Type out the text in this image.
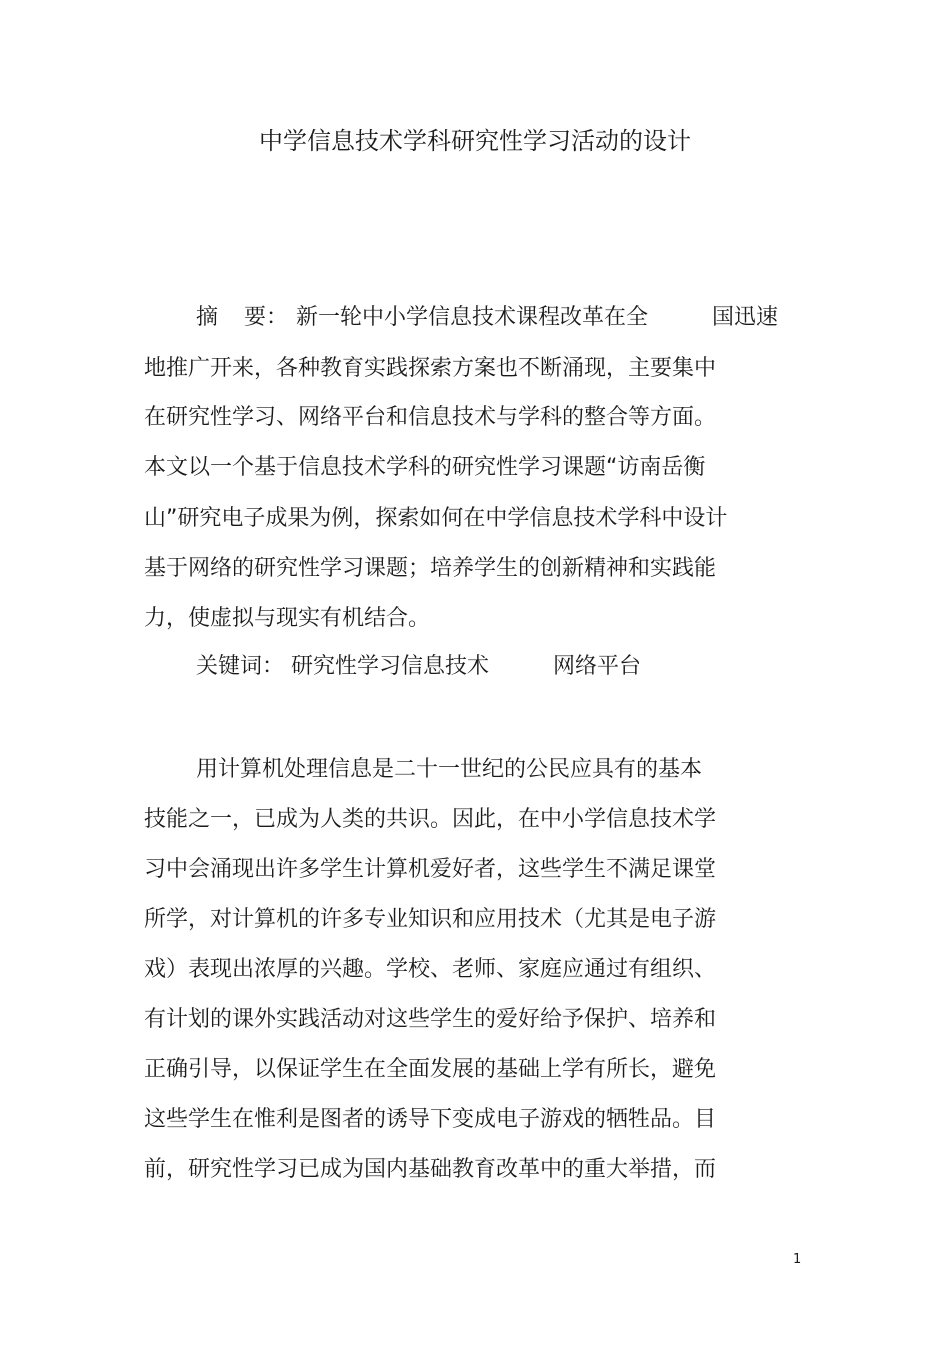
中学信息技术学科研究性学习活动的设计
摘 要： 新一轮中小学信息技术课程改革在全	国迅速
地推广开来，各种教育实践探索方案也不断涌现，主要集中
在研究性学习、网络平台和信息技术与学科的整合等方面。
本文以一个基于信息技术学科的研究性学习课题“访南岳衡
山”研究电子成果为例，探索如何在中学信息技术学科中设计
基于网络的研究性学习课题；培养学生的创新精神和实践能
力，使虚拟与现实有机结合。
关键词： 研究性学习信息技术	网络平台
用计算机处理信息是二十一世纪的公民应具有的基本
技能之一，已成为人类的共识。因此，在中小学信息技术学
习中会涌现出许多学生计算机爱好者，这些学生不满足课堂
所学，对计算机的许多专业知识和应用技术（尤其是电子游
戏）表现出浓厚的兴趣。学校、老师、家庭应通过有组织、
有计划的课外实践活动对这些学生的爱好给予保护、培养和
正确引导，以保证学生在全面发展的基础上学有所长，避免
这些学生在惟利是图者的诱导下变成电子游戏的牺牲品。目
前，研究性学习已成为国内基础教育改革中的重大举措，而
1
